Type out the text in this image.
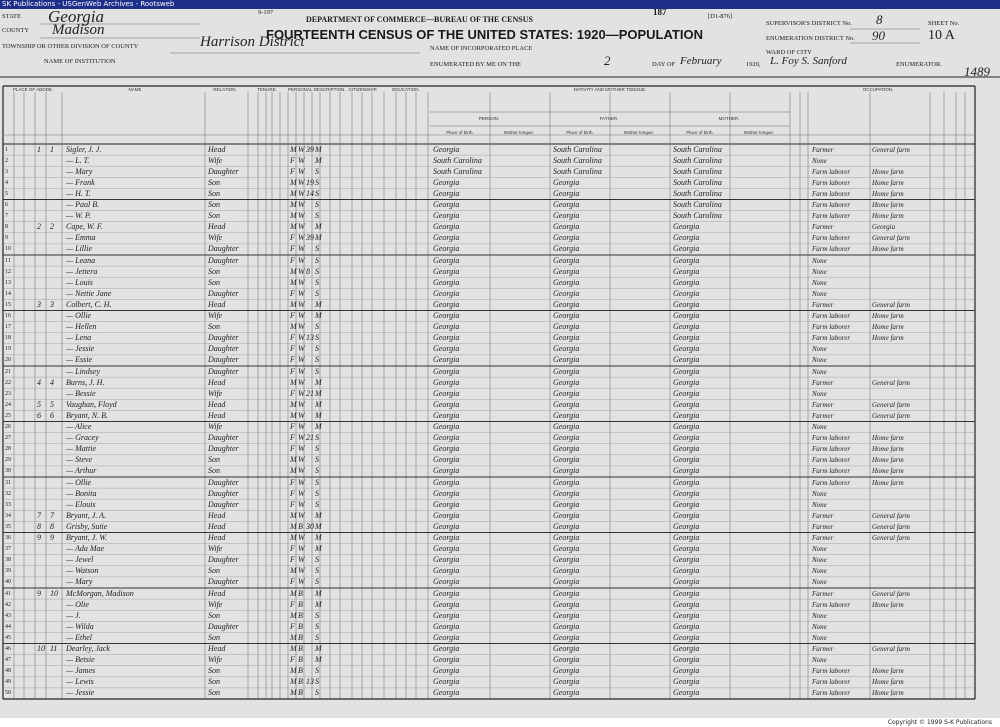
SK Publications - USGenWeb Archives - Rootsweb
STATE Georgia
COUNTY Madison
TOWNSHIP OR OTHER DIVISION OF COUNTY	Harrison District
NAME OF INSTITUTION
9-197
DEPARTMENT OF COMMERCE—BUREAU OF THE CENSUS
187	[D1-876]
FOURTEENTH CENSUS OF THE UNITED STATES: 1920—POPULATION
NAME OF INCORPORATED PLACE
ENUMERATED BY ME ON THE	2	DAY OF February	1920, L. Foy S. Sanford	ENUMERATOR.
SUPERVISOR'S DISTRICT No. 8
ENUMERATION DISTRICT No. 90
SHEET No.
10 A
WARD OF CITY
1489
PLACE OF ABODE.	NAME	RELATION.	TENURE.	PERSONAL DESCRIPTION. CITIZENSHIP.	EDUCATION.	NATIVITY AND MOTHER TONGUE.
PERSON.	FATHER.	MOTHER.
Place of birth.	Mother tongue.	Place of birth.	Mother tongue.	Place of birth.	Mother tongue.
OCCUPATION.
1	1 1 Sigler, J. J.	Head	M W 39 M	Georgia	South Carolina	South Carolina	Farmer	General farm
2	— L. T.	Wife	F W M	South Carolina	South Carolina	South Carolina	None
3	— Mary	Daughter	F W S	South Carolina	South Carolina	South Carolina	Farm laborer	Home farm
4	— Frank	Son	M W 19 S	Georgia	Georgia	South Carolina	Farm laborer	Home farm
5	— H. T.	Son	M W 14 S	Georgia	Georgia	South Carolina	Farm laborer	Home farm
6	— Paul B.	Son	M W S	Georgia	Georgia	South Carolina	Farm laborer	Home farm
7	— W. P.	Son	M W S	Georgia	Georgia	South Carolina	Farm laborer	Home farm
8	2 2 Cape, W. F.	Head	M W M	Georgia	Georgia	Georgia	Farmer	Georgia
9	— Emma	Wife	F W 39 M	Georgia	Georgia	Georgia	Farm laborer	General farm
10	— Lillie	Daughter	F W S	Georgia	Georgia	Georgia	Farm laborer	Home farm
11	— Leana	Daughter	F W S	Georgia	Georgia	Georgia	None
12	— Jettera	Son	M W 8 S	Georgia	Georgia	Georgia	None
13	— Louis	Son	M W S	Georgia	Georgia	Georgia	None
14	— Nettie Jane	Daughter	F W S	Georgia	Georgia	Georgia	None
15	3 3 Colbert, C. H.	Head	M W M	Georgia	Georgia	Georgia	Farmer	General farm
16	— Ollie	Wife	F W M	Georgia	Georgia	Georgia	Farm laborer	Home farm
17	— Hellen	Son	M W S	Georgia	Georgia	Georgia	Farm laborer	Home farm
18	— Lena	Daughter	F W 13 S	Georgia	Georgia	Georgia	Farm laborer	Home farm
19	— Jessie	Daughter	F W S	Georgia	Georgia	Georgia	None
20	— Essie	Daughter	F W S	Georgia	Georgia	Georgia	None
21	— Lindsey	Daughter	F W S	Georgia	Georgia	Georgia	None
22	4 4 Burns, J. H.	Head	M W M	Georgia	Georgia	Georgia	Farmer	General farm
23	— Bessie	Wife	F W 21 M	Georgia	Georgia	Georgia	None
24	5 5 Vaughan, Floyd	Head	M W M	Georgia	Georgia	Georgia	Farmer	General farm
25	6 6 Bryant, N. B.	Head	M W M	Georgia	Georgia	Georgia	Farmer	General farm
26	— Alice	Wife	F W M	Georgia	Georgia	Georgia	None
27	— Gracey	Daughter	F W 21 S	Georgia	Georgia	Georgia	Farm laborer	Home farm
28	— Mattie	Daughter	F W S	Georgia	Georgia	Georgia	Farm laborer	Home farm
29	— Steve	Son	M W S	Georgia	Georgia	Georgia	Farm laborer	Home farm
30	— Arthur	Son	M W S	Georgia	Georgia	Georgia	Farm laborer	Home farm
31	— Ollie	Daughter	F W S	Georgia	Georgia	Georgia	Farm laborer	Home farm
32	— Bonita	Daughter	F W S	Georgia	Georgia	Georgia	None
33	— Elouis	Daughter	F W S	Georgia	Georgia	Georgia	None
34	7 7 Bryant, J. A.	Head	M W M	Georgia	Georgia	Georgia	Farmer	General farm
35	8 8 Grisby, Sutie	Head	M B 30 M	Georgia	Georgia	Georgia	Farmer	General farm
36	9 9 Bryant, J. W.	Head	M W M	Georgia	Georgia	Georgia	Farmer	General farm
37	— Ada Mae	Wife	F W M	Georgia	Georgia	Georgia	None
38	— Jewel	Daughter	F W S	Georgia	Georgia	Georgia	None
39	— Watson	Son	M W S	Georgia	Georgia	Georgia	None
40	— Mary	Daughter	F W S	Georgia	Georgia	Georgia	None
41	9 10 McMorgan, Madison	Head	M B M	Georgia	Georgia	Georgia	Farmer	General farm
42	— Olie	Wife	F B M	Georgia	Georgia	Georgia	Farm laborer	Home farm
43	— J.	Son	M B S	Georgia	Georgia	Georgia	None
44	— Wilda	Daughter	F B S	Georgia	Georgia	Georgia	None
45	— Ethel	Son	M B S	Georgia	Georgia	Georgia	None
46	10 11 Dearley, Jack	Head	M B M	Georgia	Georgia	Georgia	Farmer	General farm
47	— Betsie	Wife	F B M	Georgia	Georgia	Georgia	None
48	— James	Son	M B S	Georgia	Georgia	Georgia	Farm laborer	Home farm
49	— Lewis	Son	M B 13 S	Georgia	Georgia	Georgia	Farm laborer	Home farm
50	— Jessie	Son	M B S	Georgia	Georgia	Georgia	Farm laborer	Home farm
Copyright © 1999 S-K Publications
